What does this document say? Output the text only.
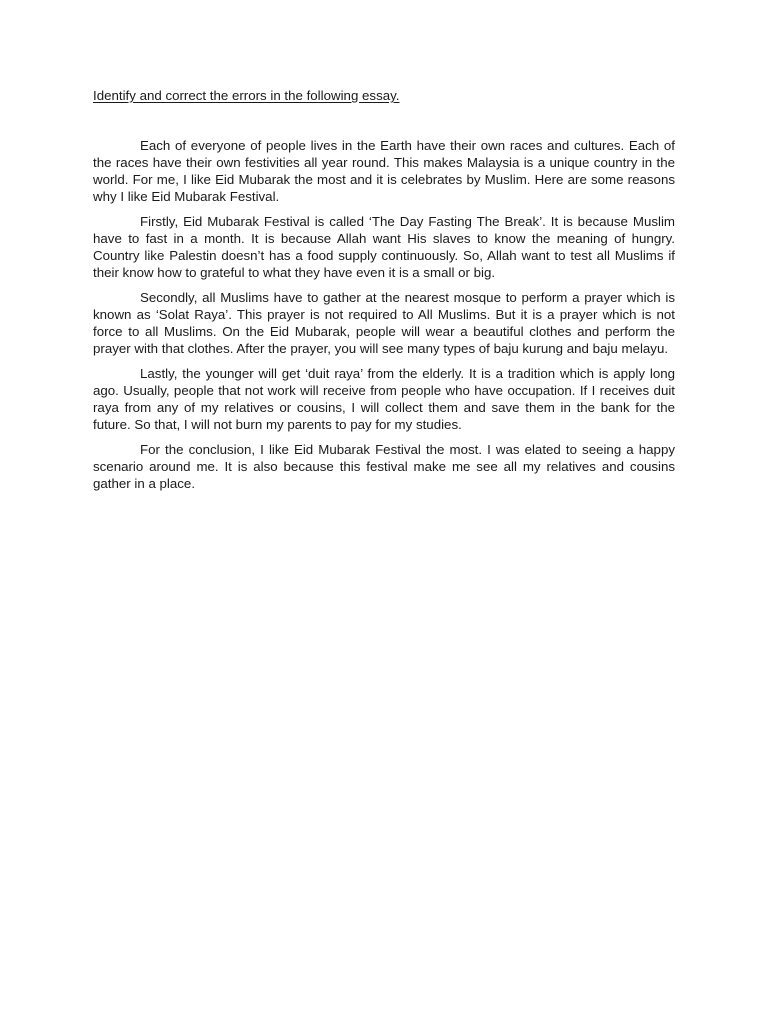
Identify and correct the errors in the following essay.

Each of everyone of people lives in the Earth have their own races and cultures. Each of the races have their own festivities all year round. This makes Malaysia is a unique country in the world. For me, I like Eid Mubarak the most and it is celebrates by Muslim. Here are some reasons why I like Eid Mubarak Festival.

Firstly, Eid Mubarak Festival is called ‘The Day Fasting The Break’. It is because Muslim have to fast in a month. It is because Allah want His slaves to know the meaning of hungry. Country like Palestin doesn’t has a food supply continuously. So, Allah want to test all Muslims if their know how to grateful to what they have even it is a small or big.

Secondly, all Muslims have to gather at the nearest mosque to perform a prayer which is known as ‘Solat Raya’. This prayer is not required to All Muslims. But it is a prayer which is not force to all Muslims. On the Eid Mubarak, people will wear a beautiful clothes and perform the prayer with that clothes. After the prayer, you will see many types of baju kurung and baju melayu.

Lastly, the younger will get ‘duit raya’ from the elderly. It is a tradition which is apply long ago. Usually, people that not work will receive from people who have occupation. If I receives duit raya from any of my relatives or cousins, I will collect them and save them in the bank for the future. So that, I will not burn my parents to pay for my studies.

For the conclusion, I like Eid Mubarak Festival the most. I was elated to seeing a happy scenario around me. It is also because this festival make me see all my relatives and cousins gather in a place.
